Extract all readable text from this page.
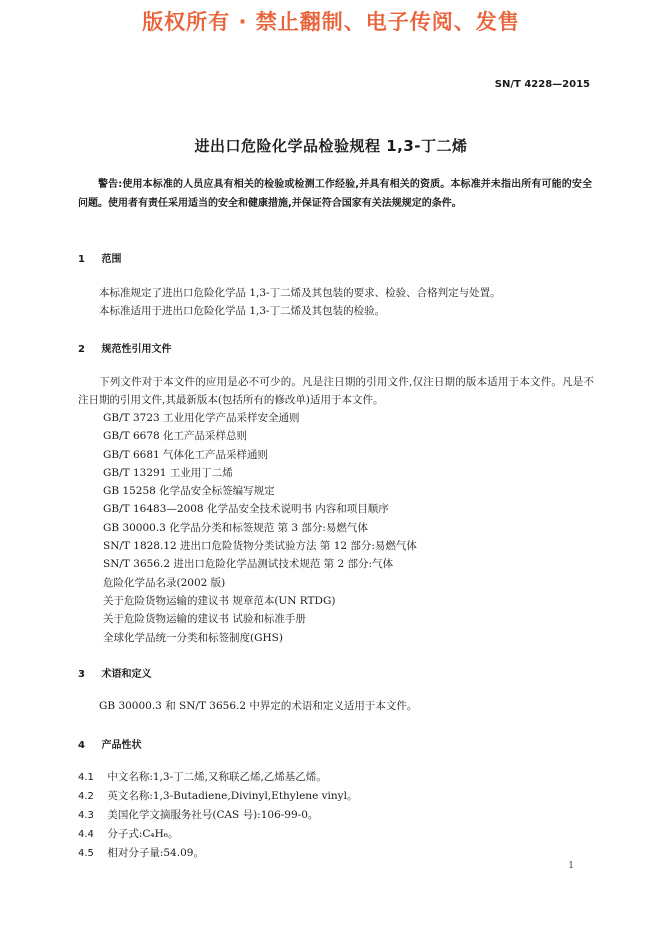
版权所有 · 禁止翻制、电子传阅、发售
SN/T 4228—2015
进出口危险化学品检验规程 1,3-丁二烯
警告:使用本标准的人员应具有相关的检验或检测工作经验,并具有相关的资质。本标准并未指出所有可能的安全问题。使用者有责任采用适当的安全和健康措施,并保证符合国家有关法规规定的条件。
1 范围
本标准规定了进出口危险化学品 1,3-丁二烯及其包装的要求、检验、合格判定与处置。
本标准适用于进出口危险化学品 1,3-丁二烯及其包装的检验。
2 规范性引用文件
下列文件对于本文件的应用是必不可少的。凡是注日期的引用文件,仅注日期的版本适用于本文件。凡是不注日期的引用文件,其最新版本(包括所有的修改单)适用于本文件。
GB/T 3723 工业用化学产品采样安全通则
GB/T 6678 化工产品采样总则
GB/T 6681 气体化工产品采样通则
GB/T 13291 工业用丁二烯
GB 15258 化学品安全标签编写规定
GB/T 16483—2008 化学品安全技术说明书 内容和项目顺序
GB 30000.3 化学品分类和标签规范 第 3 部分:易燃气体
SN/T 1828.12 进出口危险货物分类试验方法 第 12 部分:易燃气体
SN/T 3656.2 进出口危险化学品测试技术规范 第 2 部分:气体
危险化学品名录(2002 版)
关于危险货物运输的建议书 规章范本(UN RTDG)
关于危险货物运输的建议书 试验和标准手册
全球化学品统一分类和标签制度(GHS)
3 术语和定义
GB 30000.3 和 SN/T 3656.2 中界定的术语和定义适用于本文件。
4 产品性状
4.1 中文名称:1,3-丁二烯,又称联乙烯,乙烯基乙烯。
4.2 英文名称:1,3-Butadiene,Divinyl,Ethylene vinyl。
4.3 美国化学文摘服务社号(CAS 号):106-99-0。
4.4 分子式:C₄H₆。
4.5 相对分子量:54.09。
1
